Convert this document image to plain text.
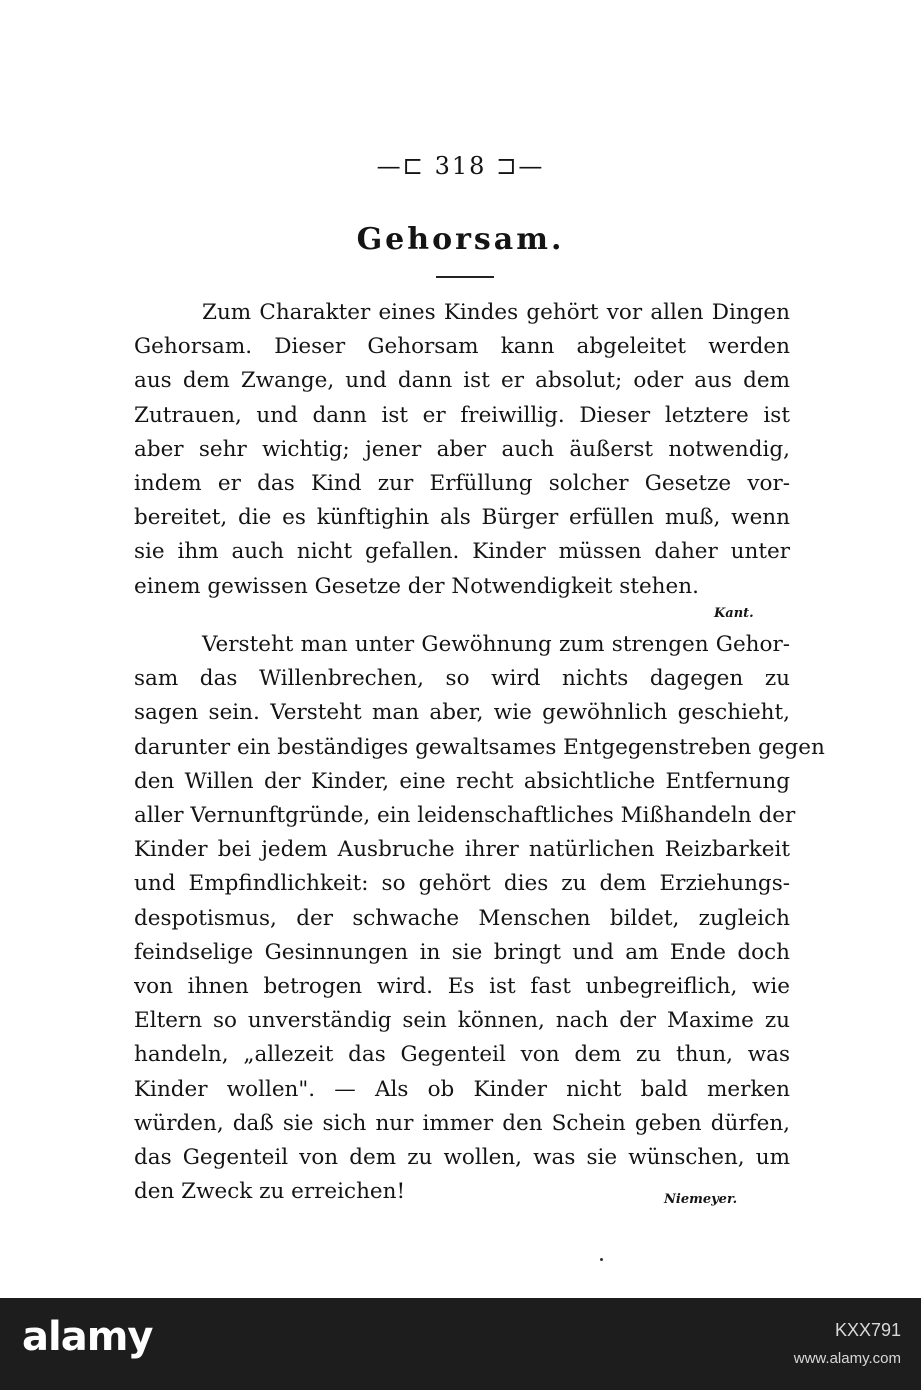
—⊏ 318 ⊐—
Gehorsam.

Zum Charakter eines Kindes gehört vor allen Dingen
Gehorsam. Dieser Gehorsam kann abgeleitet werden
aus dem Zwange, und dann ist er absolut; oder aus dem
Zutrauen, und dann ist er freiwillig. Dieser letztere ist
aber sehr wichtig; jener aber auch äußerst notwendig,
indem er das Kind zur Erfüllung solcher Gesetze vor-
bereitet, die es künftighin als Bürger erfüllen muß, wenn
sie ihm auch nicht gefallen. Kinder müssen daher unter
einem gewissen Gesetze der Notwendigkeit stehen.

Kant.

Versteht man unter Gewöhnung zum strengen Gehor-
sam das Willenbrechen, so wird nichts dagegen zu
sagen sein. Versteht man aber, wie gewöhnlich geschieht,
darunter ein beständiges gewaltsames Entgegenstreben gegen
den Willen der Kinder, eine recht absichtliche Entfernung
aller Vernunftgründe, ein leidenschaftliches Mißhandeln der
Kinder bei jedem Ausbruche ihrer natürlichen Reizbarkeit
und Empfindlichkeit: so gehört dies zu dem Erziehungs-
despotismus, der schwache Menschen bildet, zugleich
feindselige Gesinnungen in sie bringt und am Ende doch
von ihnen betrogen wird. Es ist fast unbegreiflich, wie
Eltern so unverständig sein können, nach der Maxime zu
handeln, „allezeit das Gegenteil von dem zu thun, was
Kinder wollen". — Als ob Kinder nicht bald merken
würden, daß sie sich nur immer den Schein geben dürfen,
das Gegenteil von dem zu wollen, was sie wünschen, um
den Zweck zu erreichen!	Niemeyer.
alamy	KXX791
www.alamy.com
